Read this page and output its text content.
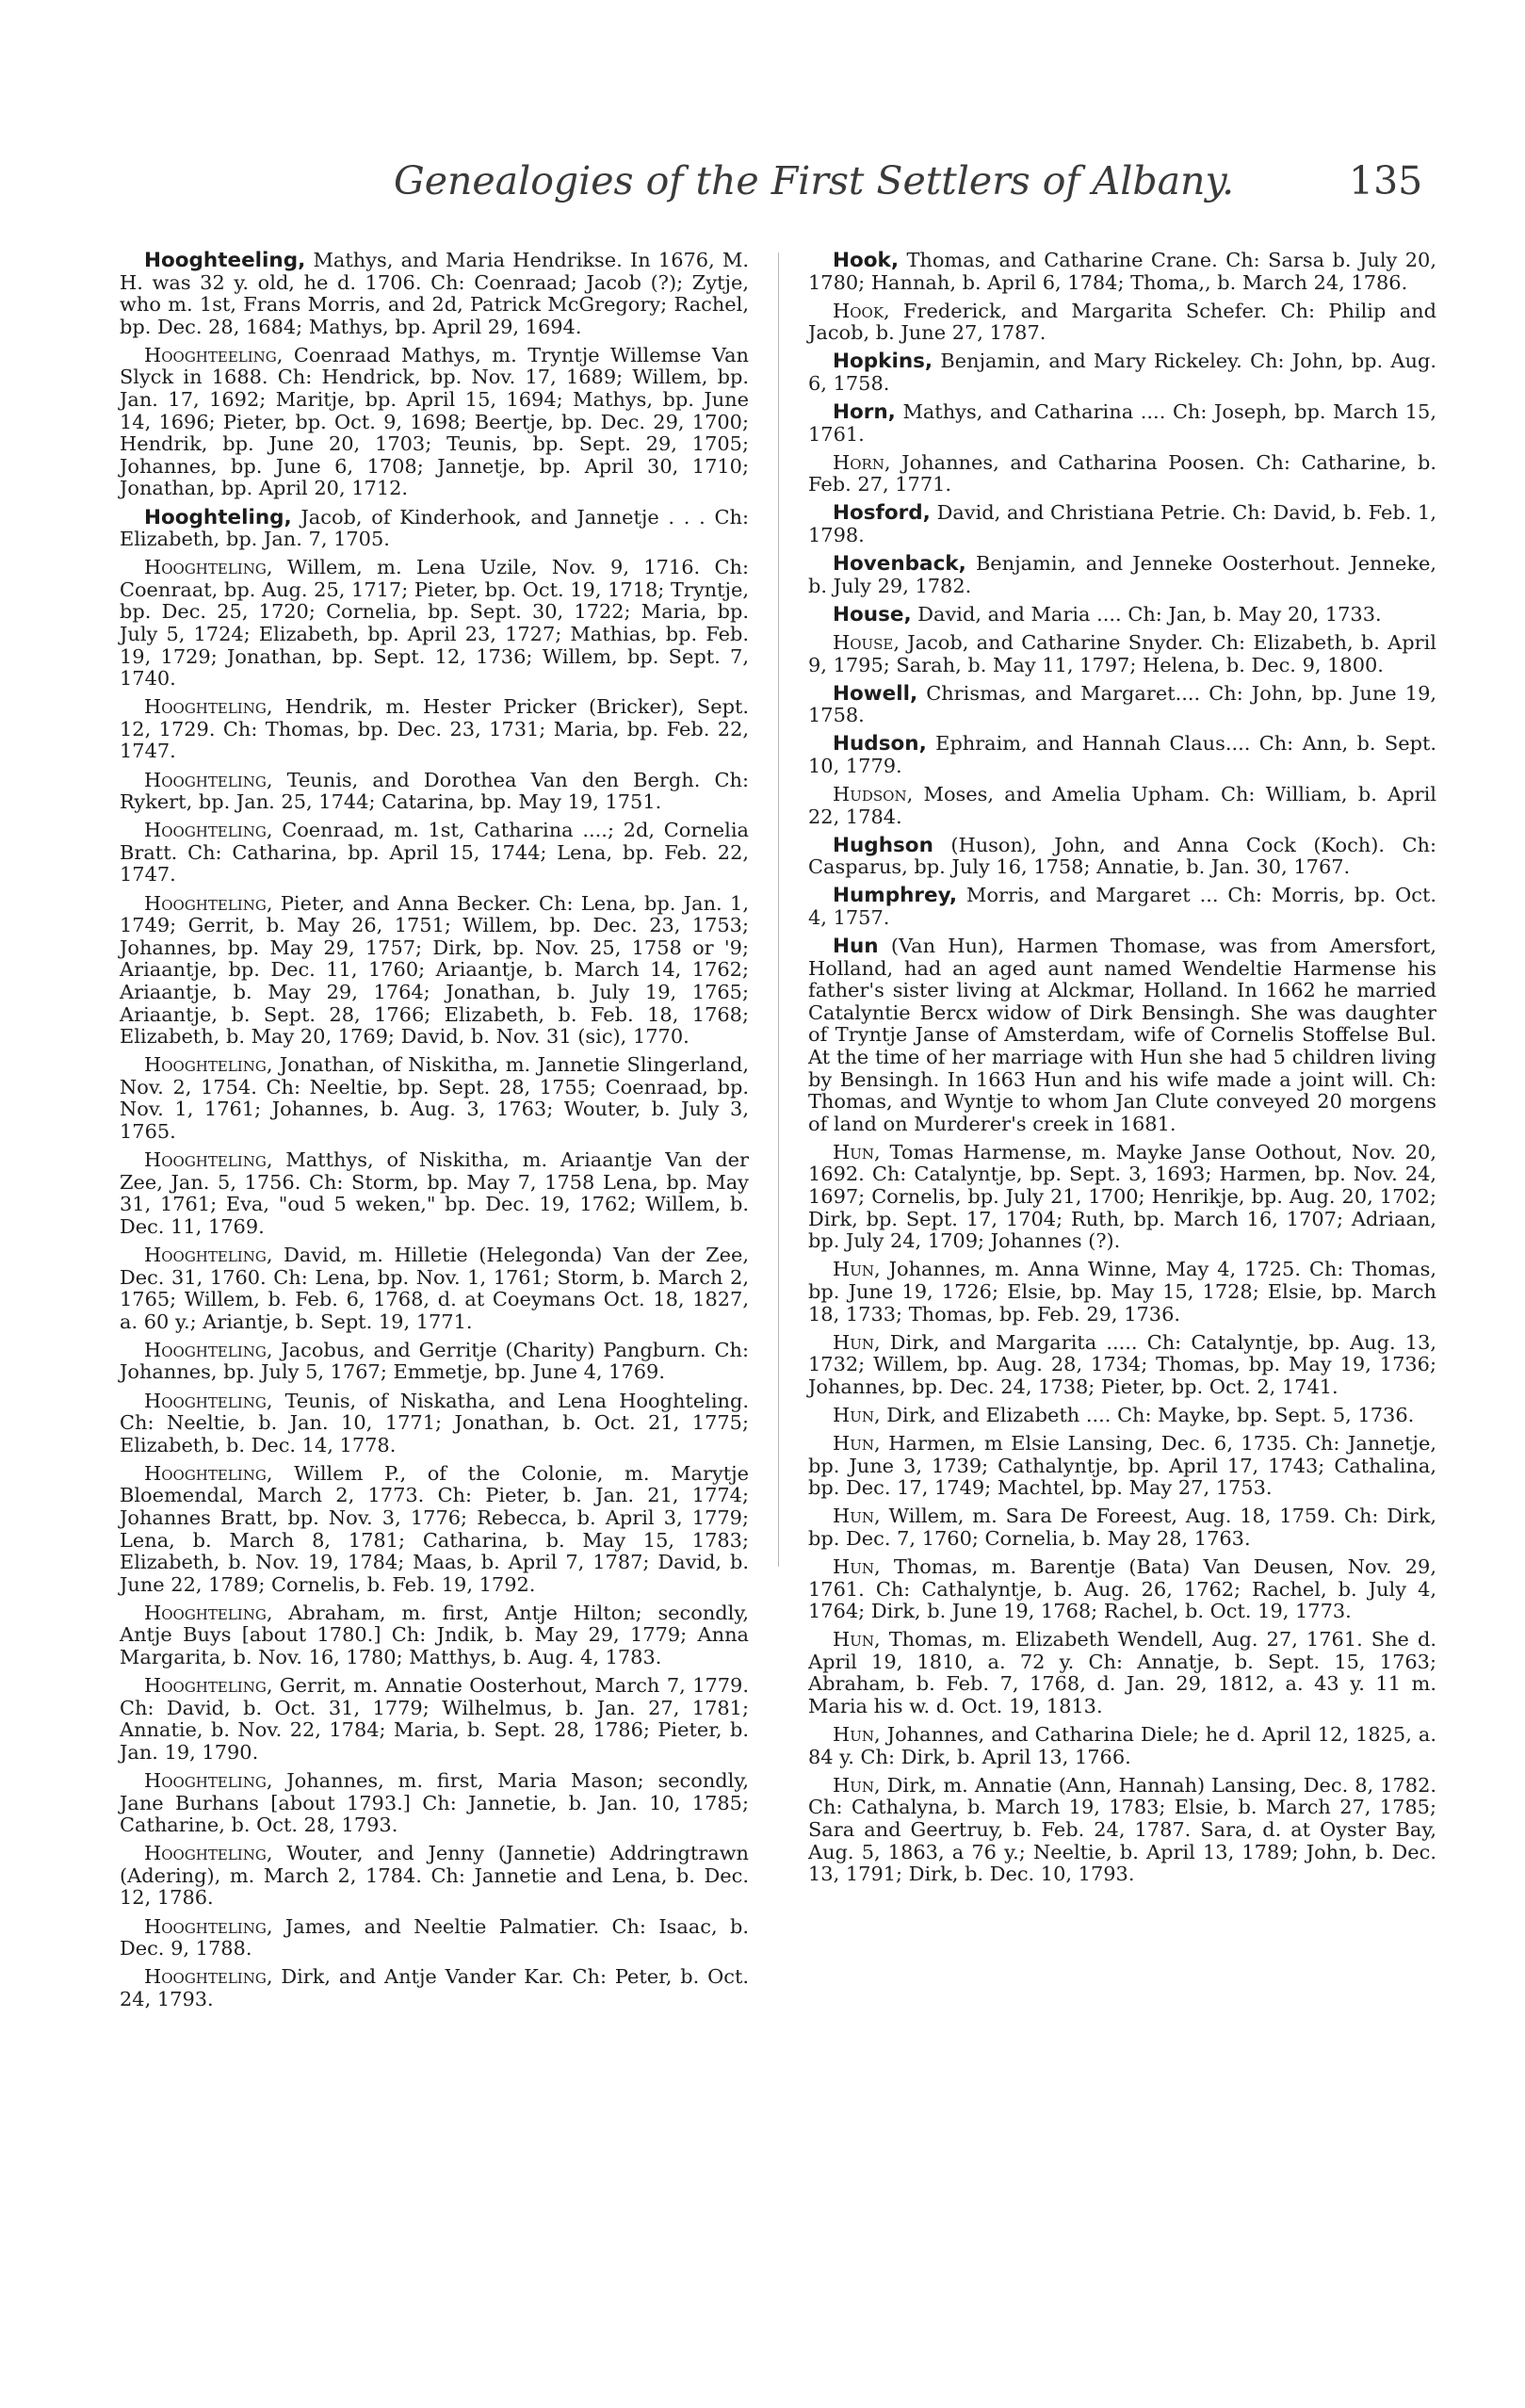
Genealogies of the First Settlers of Albany.	135

Hooghteeling, Mathys, and Maria Hendrikse. In 1676, M. H. was 32 y. old, he d. 1706. Ch: Coenraad; Jacob (?); Zytje, who m. 1st, Frans Morris, and 2d, Patrick McGregory; Rachel, bp. Dec. 28, 1684; Mathys, bp. April 29, 1694.

Hooghteeling, Coenraad Mathys, m. Tryntje Willemse Van Slyck in 1688. Ch: Hendrick, bp. Nov. 17, 1689; Willem, bp. Jan. 17, 1692; Maritje, bp. April 15, 1694; Mathys, bp. June 14, 1696; Pieter, bp. Oct. 9, 1698; Beertje, bp. Dec. 29, 1700; Hendrik, bp. June 20, 1703; Teunis, bp. Sept. 29, 1705; Johannes, bp. June 6, 1708; Jannetje, bp. April 30, 1710; Jonathan, bp. April 20, 1712.

Hooghteling, Jacob, of Kinderhook, and Jannetje . . . Ch: Elizabeth, bp. Jan. 7, 1705.

Hooghteling, Willem, m. Lena Uzile, Nov. 9, 1716. Ch: Coenraat, bp. Aug. 25, 1717; Pieter, bp. Oct. 19, 1718; Tryntje, bp. Dec. 25, 1720; Cornelia, bp. Sept. 30, 1722; Maria, bp. July 5, 1724; Elizabeth, bp. April 23, 1727; Mathias, bp. Feb. 19, 1729; Jonathan, bp. Sept. 12, 1736; Willem, bp. Sept. 7, 1740.

Hooghteling, Hendrik, m. Hester Pricker (Bricker), Sept. 12, 1729. Ch: Thomas, bp. Dec. 23, 1731; Maria, bp. Feb. 22, 1747.

Hooghteling, Teunis, and Dorothea Van den Bergh. Ch: Rykert, bp. Jan. 25, 1744; Catarina, bp. May 19, 1751.

Hooghteling, Coenraad, m. 1st, Catharina ....; 2d, Cornelia Bratt. Ch: Catharina, bp. April 15, 1744; Lena, bp. Feb. 22, 1747.

Hooghteling, Pieter, and Anna Becker. Ch: Lena, bp. Jan. 1, 1749; Gerrit, b. May 26, 1751; Willem, bp. Dec. 23, 1753; Johannes, bp. May 29, 1757; Dirk, bp. Nov. 25, 1758 or '9; Ariaantje, bp. Dec. 11, 1760; Ariaantje, b. March 14, 1762; Ariaantje, b. May 29, 1764; Jonathan, b. July 19, 1765; Ariaantje, b. Sept. 28, 1766; Elizabeth, b. Feb. 18, 1768; Elizabeth, b. May 20, 1769; David, b. Nov. 31 (sic), 1770.

Hooghteling, Jonathan, of Niskitha, m. Jannetie Slingerland, Nov. 2, 1754. Ch: Neeltie, bp. Sept. 28, 1755; Coenraad, bp. Nov. 1, 1761; Johannes, b. Aug. 3, 1763; Wouter, b. July 3, 1765.

Hooghteling, Matthys, of Niskitha, m. Ariaantje Van der Zee, Jan. 5, 1756. Ch: Storm, bp. May 7, 1758 Lena, bp. May 31, 1761; Eva, "oud 5 weken," bp. Dec. 19, 1762; Willem, b. Dec. 11, 1769.

Hooghteling, David, m. Hilletie (Helegonda) Van der Zee, Dec. 31, 1760. Ch: Lena, bp. Nov. 1, 1761; Storm, b. March 2, 1765; Willem, b. Feb. 6, 1768, d. at Coeymans Oct. 18, 1827, a. 60 y.; Ariantje, b. Sept. 19, 1771.

Hooghteling, Jacobus, and Gerritje (Charity) Pangburn. Ch: Johannes, bp. July 5, 1767; Emmetje, bp. June 4, 1769.

Hooghteling, Teunis, of Niskatha, and Lena Hooghteling. Ch: Neeltie, b. Jan. 10, 1771; Jonathan, b. Oct. 21, 1775; Elizabeth, b. Dec. 14, 1778.

Hooghteling, Willem P., of the Colonie, m. Marytje Bloemendal, March 2, 1773. Ch: Pieter, b. Jan. 21, 1774; Johannes Bratt, bp. Nov. 3, 1776; Rebecca, b. April 3, 1779; Lena, b. March 8, 1781; Catharina, b. May 15, 1783; Elizabeth, b. Nov. 19, 1784; Maas, b. April 7, 1787; David, b. June 22, 1789; Cornelis, b. Feb. 19, 1792.

Hooghteling, Abraham, m. first, Antje Hilton; secondly, Antje Buys [about 1780.] Ch: Jndik, b. May 29, 1779; Anna Margarita, b. Nov. 16, 1780; Matthys, b. Aug. 4, 1783.

Hooghteling, Gerrit, m. Annatie Oosterhout, March 7, 1779. Ch: David, b. Oct. 31, 1779; Wilhelmus, b. Jan. 27, 1781; Annatie, b. Nov. 22, 1784; Maria, b. Sept. 28, 1786; Pieter, b. Jan. 19, 1790.

Hooghteling, Johannes, m. first, Maria Mason; secondly, Jane Burhans [about 1793.] Ch: Jannetie, b. Jan. 10, 1785; Catharine, b. Oct. 28, 1793.

Hooghteling, Wouter, and Jenny (Jannetie) Addringtrawn (Adering), m. March 2, 1784. Ch: Jannetie and Lena, b. Dec. 12, 1786.

Hooghteling, James, and Neeltie Palmatier. Ch: Isaac, b. Dec. 9, 1788.

Hooghteling, Dirk, and Antje Vander Kar. Ch: Peter, b. Oct. 24, 1793.

Hook, Thomas, and Catharine Crane. Ch: Sarsa b. July 20, 1780; Hannah, b. April 6, 1784; Thoma,, b. March 24, 1786.

Hook, Frederick, and Margarita Schefer. Ch: Philip and Jacob, b. June 27, 1787.

Hopkins, Benjamin, and Mary Rickeley. Ch: John, bp. Aug. 6, 1758.

Horn, Mathys, and Catharina .... Ch: Joseph, bp. March 15, 1761.

Horn, Johannes, and Catharina Poosen. Ch: Catharine, b. Feb. 27, 1771.

Hosford, David, and Christiana Petrie. Ch: David, b. Feb. 1, 1798.

Hovenback, Benjamin, and Jenneke Oosterhout. Jenneke, b. July 29, 1782.

House, David, and Maria .... Ch: Jan, b. May 20, 1733.

House, Jacob, and Catharine Snyder. Ch: Elizabeth, b. April 9, 1795; Sarah, b. May 11, 1797; Helena, b. Dec. 9, 1800.

Howell, Chrismas, and Margaret.... Ch: John, bp. June 19, 1758.

Hudson, Ephraim, and Hannah Claus.... Ch: Ann, b. Sept. 10, 1779.

Hudson, Moses, and Amelia Upham. Ch: William, b. April 22, 1784.

Hughson (Huson), John, and Anna Cock (Koch). Ch: Casparus, bp. July 16, 1758; Annatie, b. Jan. 30, 1767.

Humphrey, Morris, and Margaret ... Ch: Morris, bp. Oct. 4, 1757.

Hun (Van Hun), Harmen Thomase, was from Amersfort, Holland, had an aged aunt named Wendeltie Harmense his father's sister living at Alckmar, Holland. In 1662 he married Catalyntie Bercx widow of Dirk Bensingh. She was daughter of Tryntje Janse of Amsterdam, wife of Cornelis Stoffelse Bul. At the time of her marriage with Hun she had 5 children living by Bensingh. In 1663 Hun and his wife made a joint will. Ch: Thomas, and Wyntje to whom Jan Clute conveyed 20 morgens of land on Murderer's creek in 1681.

Hun, Tomas Harmense, m. Mayke Janse Oothout, Nov. 20, 1692. Ch: Catalyntje, bp. Sept. 3, 1693; Harmen, bp. Nov. 24, 1697; Cornelis, bp. July 21, 1700; Henrikje, bp. Aug. 20, 1702; Dirk, bp. Sept. 17, 1704; Ruth, bp. March 16, 1707; Adriaan, bp. July 24, 1709; Johannes (?).

Hun, Johannes, m. Anna Winne, May 4, 1725. Ch: Thomas, bp. June 19, 1726; Elsie, bp. May 15, 1728; Elsie, bp. March 18, 1733; Thomas, bp. Feb. 29, 1736.

Hun, Dirk, and Margarita ..... Ch: Catalyntje, bp. Aug. 13, 1732; Willem, bp. Aug. 28, 1734; Thomas, bp. May 19, 1736; Johannes, bp. Dec. 24, 1738; Pieter, bp. Oct. 2, 1741.

Hun, Dirk, and Elizabeth .... Ch: Mayke, bp. Sept. 5, 1736.

Hun, Harmen, m Elsie Lansing, Dec. 6, 1735. Ch: Jannetje, bp. June 3, 1739; Cathalyntje, bp. April 17, 1743; Cathalina, bp. Dec. 17, 1749; Machtel, bp. May 27, 1753.

Hun, Willem, m. Sara De Foreest, Aug. 18, 1759. Ch: Dirk, bp. Dec. 7, 1760; Cornelia, b. May 28, 1763.

Hun, Thomas, m. Barentje (Bata) Van Deusen, Nov. 29, 1761. Ch: Cathalyntje, b. Aug. 26, 1762; Rachel, b. July 4, 1764; Dirk, b. June 19, 1768; Rachel, b. Oct. 19, 1773.

Hun, Thomas, m. Elizabeth Wendell, Aug. 27, 1761. She d. April 19, 1810, a. 72 y. Ch: Annatje, b. Sept. 15, 1763; Abraham, b. Feb. 7, 1768, d. Jan. 29, 1812, a. 43 y. 11 m. Maria his w. d. Oct. 19, 1813.

Hun, Johannes, and Catharina Diele; he d. April 12, 1825, a. 84 y. Ch: Dirk, b. April 13, 1766.

Hun, Dirk, m. Annatie (Ann, Hannah) Lansing, Dec. 8, 1782. Ch: Cathalyna, b. March 19, 1783; Elsie, b. March 27, 1785; Sara and Geertruy, b. Feb. 24, 1787. Sara, d. at Oyster Bay, Aug. 5, 1863, a 76 y.; Neeltie, b. April 13, 1789; John, b. Dec. 13, 1791; Dirk, b. Dec. 10, 1793.
